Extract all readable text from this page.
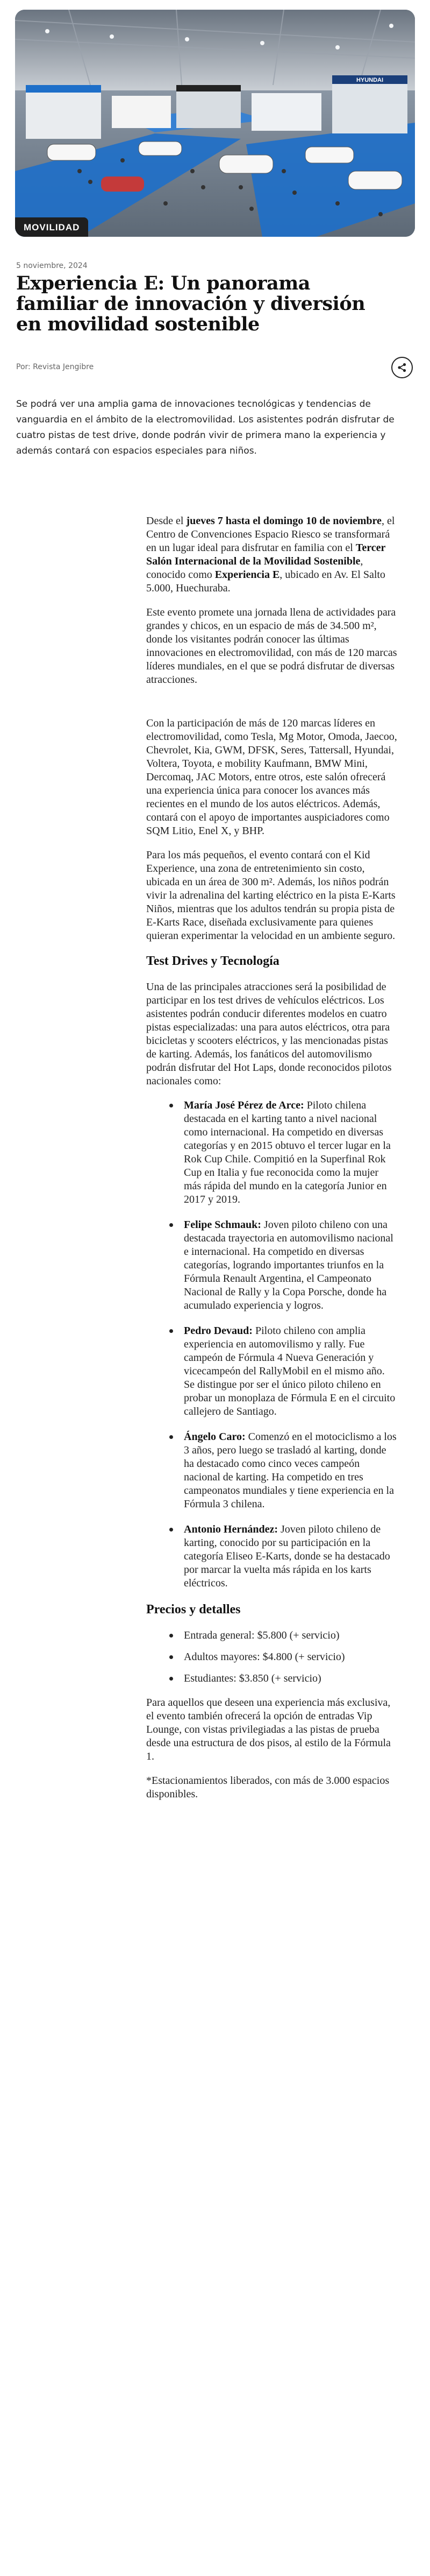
HYUNDAI
MOVILIDAD
5 noviembre, 2024
Experiencia E: Un panorama familiar de innovación y diversión en movilidad sostenible
Por: Revista Jengibre

Se podrá ver una amplia gama de innovaciones tecnológicas y tendencias de vanguardia en el ámbito de la electromovilidad. Los asistentes podrán disfrutar de cuatro pistas de test drive, donde podrán vivir de primera mano la experiencia y además contará con espacios especiales para niños.

Desde el jueves 7 hasta el domingo 10 de noviembre, el Centro de Convenciones Espacio Riesco se transformará en un lugar ideal para disfrutar en familia con el Tercer Salón Internacional de la Movilidad Sostenible, conocido como Experiencia E, ubicado en Av. El Salto 5.000, Huechuraba.

Este evento promete una jornada llena de actividades para grandes y chicos, en un espacio de más de 34.500 m², donde los visitantes podrán conocer las últimas innovaciones en electromovilidad, con más de 120 marcas líderes mundiales, en el que se podrá disfrutar de diversas atracciones.

Con la participación de más de 120 marcas líderes en electromovilidad, como Tesla, Mg Motor, Omoda, Jaecoo, Chevrolet, Kia, GWM, DFSK, Seres, Tattersall, Hyundai, Voltera, Toyota, e mobility Kaufmann, BMW Mini, Dercomaq, JAC Motors, entre otros, este salón ofrecerá una experiencia única para conocer los avances más recientes en el mundo de los autos eléctricos. Además, contará con el apoyo de importantes auspiciadores como SQM Litio, Enel X, y BHP.

Para los más pequeños, el evento contará con el Kid Experience, una zona de entretenimiento sin costo, ubicada en un área de 300 m². Además, los niños podrán vivir la adrenalina del karting eléctrico en la pista E-Karts Niños, mientras que los adultos tendrán su propia pista de E-Karts Race, diseñada exclusivamente para quienes quieran experimentar la velocidad en un ambiente seguro.

Test Drives y Tecnología

Una de las principales atracciones será la posibilidad de participar en los test drives de vehículos eléctricos. Los asistentes podrán conducir diferentes modelos en cuatro pistas especializadas: una para autos eléctricos, otra para bicicletas y scooters eléctricos, y las mencionadas pistas de karting. Además, los fanáticos del automovilismo podrán disfrutar del Hot Laps, donde reconocidos pilotos nacionales como:

María José Pérez de Arce: Piloto chilena destacada en el karting tanto a nivel nacional como internacional. Ha competido en diversas categorías y en 2015 obtuvo el tercer lugar en la Rok Cup Chile. Compitió en la Superfinal Rok Cup en Italia y fue reconocida como la mujer más rápida del mundo en la categoría Junior en 2017 y 2019.
Felipe Schmauk: Joven piloto chileno con una destacada trayectoria en automovilismo nacional e internacional. Ha competido en diversas categorías, logrando importantes triunfos en la Fórmula Renault Argentina, el Campeonato Nacional de Rally y la Copa Porsche, donde ha acumulado experiencia y logros.
Pedro Devaud: Piloto chileno con amplia experiencia en automovilismo y rally. Fue campeón de Fórmula 4 Nueva Generación y vicecampeón del RallyMobil en el mismo año. Se distingue por ser el único piloto chileno en probar un monoplaza de Fórmula E en el circuito callejero de Santiago.
Ángelo Caro: Comenzó en el motociclismo a los 3 años, pero luego se trasladó al karting, donde ha destacado como cinco veces campeón nacional de karting. Ha competido en tres campeonatos mundiales y tiene experiencia en la Fórmula 3 chilena.
Antonio Hernández: Joven piloto chileno de karting, conocido por su participación en la categoría Eliseo E-Karts, donde se ha destacado por marcar la vuelta más rápida en los karts eléctricos.
Precios y detalles
Entrada general: $5.800 (+ servicio)
Adultos mayores: $4.800 (+ servicio)
Estudiantes: $3.850 (+ servicio)

Para aquellos que deseen una experiencia más exclusiva, el evento también ofrecerá la opción de entradas Vip Lounge, con vistas privilegiadas a las pistas de prueba desde una estructura de dos pisos, al estilo de la Fórmula 1.

*Estacionamientos liberados, con más de 3.000 espacios disponibles.
